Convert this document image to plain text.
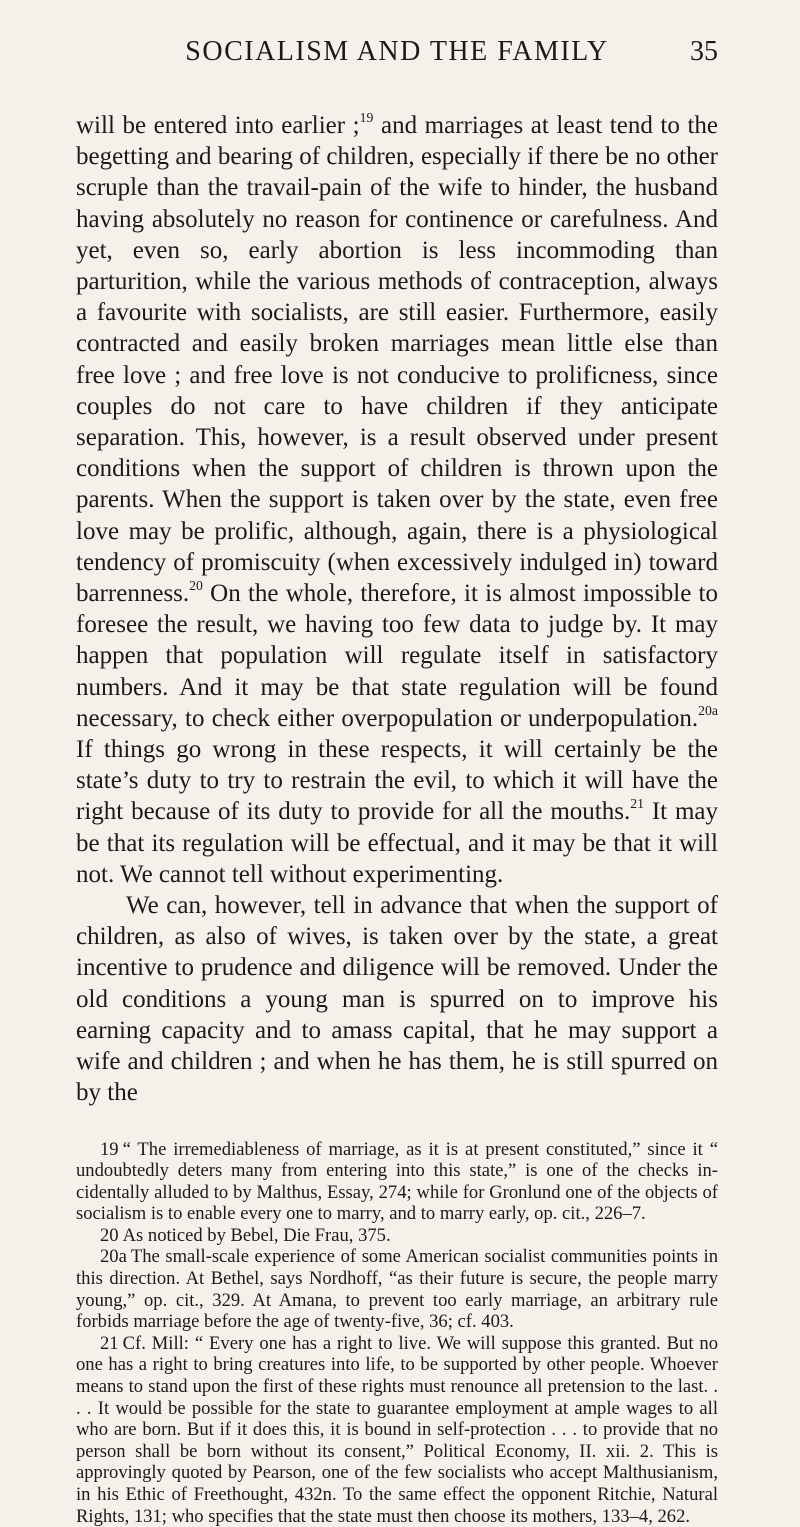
SOCIALISM AND THE FAMILY	35

will be entered into earlier ;$^{19}$ and marriages at least tend to the begetting and bearing of children, especially if there be no other scruple than the travail-pain of the wife to hinder, the husband having absolutely no reason for continence or carefulness. And yet, even so, early abortion is less incommoding than parturition, while the various methods of contraception, always a favourite with socialists, are still easier. Furthermore, easily contracted and easily broken marriages mean little else than free love ; and free love is not conducive to prolificness, since couples do not care to have children if they anticipate separation. This, however, is a result observed under present conditions when the support of children is thrown upon the parents. When the support is taken over by the state, even free love may be prolific, although, again, there is a physiological tendency of promiscuity (when excessively indulged in) toward barrenness.$^{20}$ On the whole, therefore, it is almost impossible to foresee the result, we having too few data to judge by. It may happen that population will regulate itself in satisfactory numbers. And it may be that state regulation will be found necessary, to check either overpopulation or underpopulation.$^{20a}$ If things go wrong in these respects, it will certainly be the state’s duty to try to restrain the evil, to which it will have the right because of its duty to provide for all the mouths.$^{21}$ It may be that its regulation will be effectual, and it may be that it will not. We cannot tell without experimenting.

We can, however, tell in advance that when the support of children, as also of wives, is taken over by the state, a great incentive to prudence and diligence will be removed. Under the old conditions a young man is spurred on to improve his earning capacity and to amass capital, that he may support a wife and children ; and when he has them, he is still spurred on by the

19 “ The irremediableness of marriage, as it is at present constituted,” since it “ undoubtedly deters many from entering into this state,” is one of the checks incidentally alluded to by Malthus, Essay, 274; while for Gronlund one of the objects of socialism is to enable every one to marry, and to marry early, op. cit., 226–7.

20 As noticed by Bebel, Die Frau, 375.

20a The small-scale experience of some American socialist communities points in this direction. At Bethel, says Nordhoff, “as their future is secure, the people marry young,” op. cit., 329. At Amana, to prevent too early marriage, an arbitrary rule forbids marriage before the age of twenty-five, 36; cf. 403.

21 Cf. Mill: “ Every one has a right to live. We will suppose this granted. But no one has a right to bring creatures into life, to be supported by other people. Whoever means to stand upon the first of these rights must renounce all pretension to the last. . . . It would be possible for the state to guarantee employment at ample wages to all who are born. But if it does this, it is bound in self-protection . . . to provide that no person shall be born without its consent,” Political Economy, II. xii. 2. This is approvingly quoted by Pearson, one of the few socialists who accept Malthusianism, in his Ethic of Freethought, 432n. To the same effect the opponent Ritchie, Natural Rights, 131; who specifies that the state must then choose its mothers, 133–4, 262.
